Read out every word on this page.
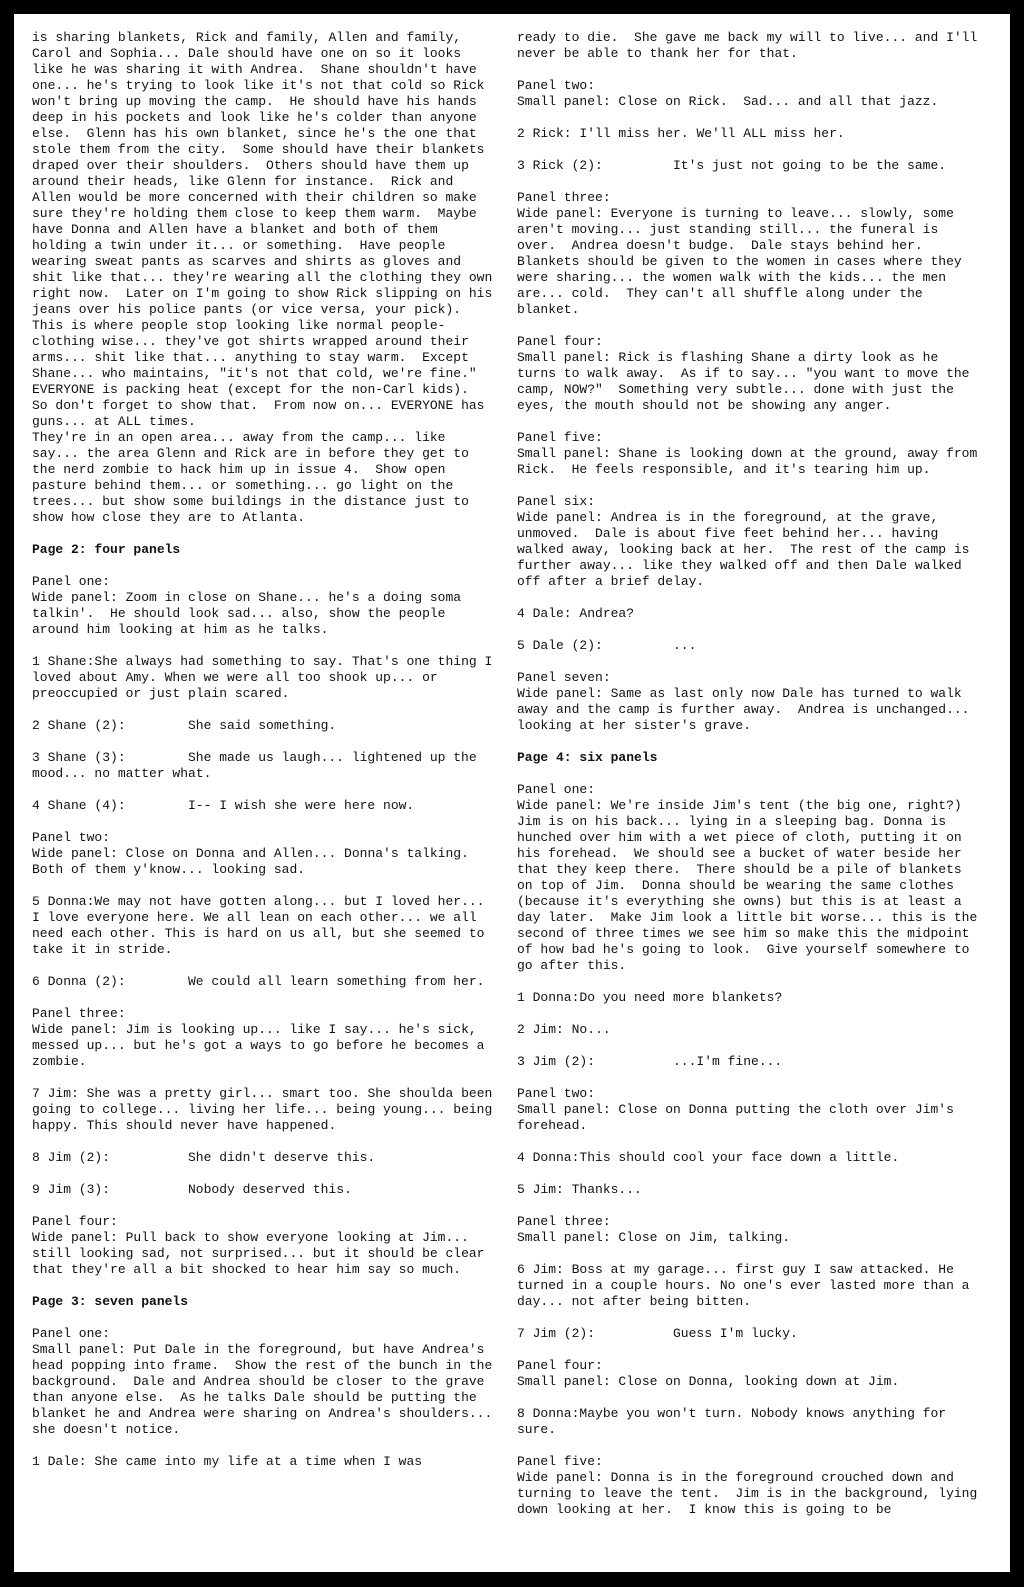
is sharing blankets, Rick and family, Allen and family, Carol and Sophia... Dale should have one on so it looks like he was sharing it with Andrea.  Shane shouldn't have one... he's trying to look like it's not that cold so Rick won't bring up moving the camp.  He should have his hands deep in his pockets and look like he's colder than anyone else.  Glenn has his own blanket, since he's the one that stole them from the city.  Some should have their blankets draped over their shoulders.  Others should have them up around their heads, like Glenn for instance.  Rick and Allen would be more concerned with their children so make sure they're holding them close to keep them warm.  Maybe have Donna and Allen have a blanket and both of them holding a twin under it... or something.  Have people wearing sweat pants as scarves and shirts as gloves and shit like that... they're wearing all the clothing they own right now.  Later on I'm going to show Rick slipping on his jeans over his police pants (or vice versa, your pick).  This is where people stop looking like normal people-clothing wise... they've got shirts wrapped around their arms... shit like that... anything to stay warm.  Except Shane... who maintains, "it's not that cold, we're fine."  EVERYONE is packing heat (except for the non-Carl kids).  So don't forget to show that.  From now on... EVERYONE has guns... at ALL times.

They're in an open area... away from the camp... like say... the area Glenn and Rick are in before they get to the nerd zombie to hack him up in issue 4.  Show open pasture behind them... or something... go light on the trees... but show some buildings in the distance just to show how close they are to Atlanta.

Page 2: four panels

Panel one:
Wide panel: Zoom in close on Shane... he's a doing soma talkin'.  He should look sad... also, show the people around him looking at him as he talks.

1 Shane:She always had something to say. That's one thing I loved about Amy. When we were all too shook up... or preoccupied or just plain scared.

2 Shane (2):	She said something.

3 Shane (3):	She made us laugh... lightened up the mood... no matter what.

4 Shane (4):	I-- I wish she were here now.

Panel two:
Wide panel: Close on Donna and Allen... Donna's talking. Both of them y'know... looking sad.

5 Donna:We may not have gotten along... but I loved her... I love everyone here. We all lean on each other... we all need each other. This is hard on us all, but she seemed to take it in stride.

6 Donna (2):	We could all learn something from her.

Panel three:
Wide panel: Jim is looking up... like I say... he's sick, messed up... but he's got a ways to go before he becomes a zombie.

7 Jim: She was a pretty girl... smart too. She shoulda been going to college... living her life... being young... being happy. This should never have happened.

8 Jim (2):	She didn't deserve this.

9 Jim (3):	Nobody deserved this.

Panel four:
Wide panel: Pull back to show everyone looking at Jim... still looking sad, not surprised... but it should be clear that they're all a bit shocked to hear him say so much.

Page 3: seven panels

Panel one:
Small panel: Put Dale in the foreground, but have Andrea's head popping into frame.  Show the rest of the bunch in the background.  Dale and Andrea should be closer to the grave than anyone else.  As he talks Dale should be putting the blanket he and Andrea were sharing on Andrea's shoulders... she doesn't notice.

1 Dale: She came into my life at a time when I was

ready to die.  She gave me back my will to live... and I'll never be able to thank her for that.

Panel two:
Small panel: Close on Rick.  Sad... and all that jazz.

2 Rick: I'll miss her. We'll ALL miss her.

3 Rick (2):	It's just not going to be the same.

Panel three:
Wide panel: Everyone is turning to leave... slowly, some aren't moving... just standing still... the funeral is over.  Andrea doesn't budge.  Dale stays behind her. Blankets should be given to the women in cases where they were sharing... the women walk with the kids... the men are... cold.  They can't all shuffle along under the blanket.

Panel four:
Small panel: Rick is flashing Shane a dirty look as he turns to walk away.  As if to say... "you want to move the camp, NOW?"  Something very subtle... done with just the eyes, the mouth should not be showing any anger.

Panel five:
Small panel: Shane is looking down at the ground, away from Rick.  He feels responsible, and it's tearing him up.

Panel six:
Wide panel: Andrea is in the foreground, at the grave, unmoved.  Dale is about five feet behind her... having walked away, looking back at her.  The rest of the camp is further away... like they walked off and then Dale walked off after a brief delay.

4 Dale: Andrea?

5 Dale (2):	...

Panel seven:
Wide panel: Same as last only now Dale has turned to walk away and the camp is further away.  Andrea is unchanged... looking at her sister's grave.

Page 4: six panels

Panel one:
Wide panel: We're inside Jim's tent (the big one, right?) Jim is on his back... lying in a sleeping bag. Donna is hunched over him with a wet piece of cloth, putting it on his forehead.  We should see a bucket of water beside her that they keep there.  There should be a pile of blankets on top of Jim.  Donna should be wearing the same clothes (because it's everything she owns) but this is at least a day later.  Make Jim look a little bit worse... this is the second of three times we see him so make this the midpoint of how bad he's going to look.  Give yourself somewhere to go after this.

1 Donna:Do you need more blankets?

2 Jim: No...

3 Jim (2):	...I'm fine...

Panel two:
Small panel: Close on Donna putting the cloth over Jim's forehead.

4 Donna:This should cool your face down a little.

5 Jim: Thanks...

Panel three:
Small panel: Close on Jim, talking.

6 Jim: Boss at my garage... first guy I saw attacked. He turned in a couple hours. No one's ever lasted more than a day... not after being bitten.

7 Jim (2):	Guess I'm lucky.

Panel four:
Small panel: Close on Donna, looking down at Jim.

8 Donna:Maybe you won't turn. Nobody knows anything for sure.

Panel five:
Wide panel: Donna is in the foreground crouched down and turning to leave the tent.  Jim is in the background, lying down looking at her.  I know this is going to be
